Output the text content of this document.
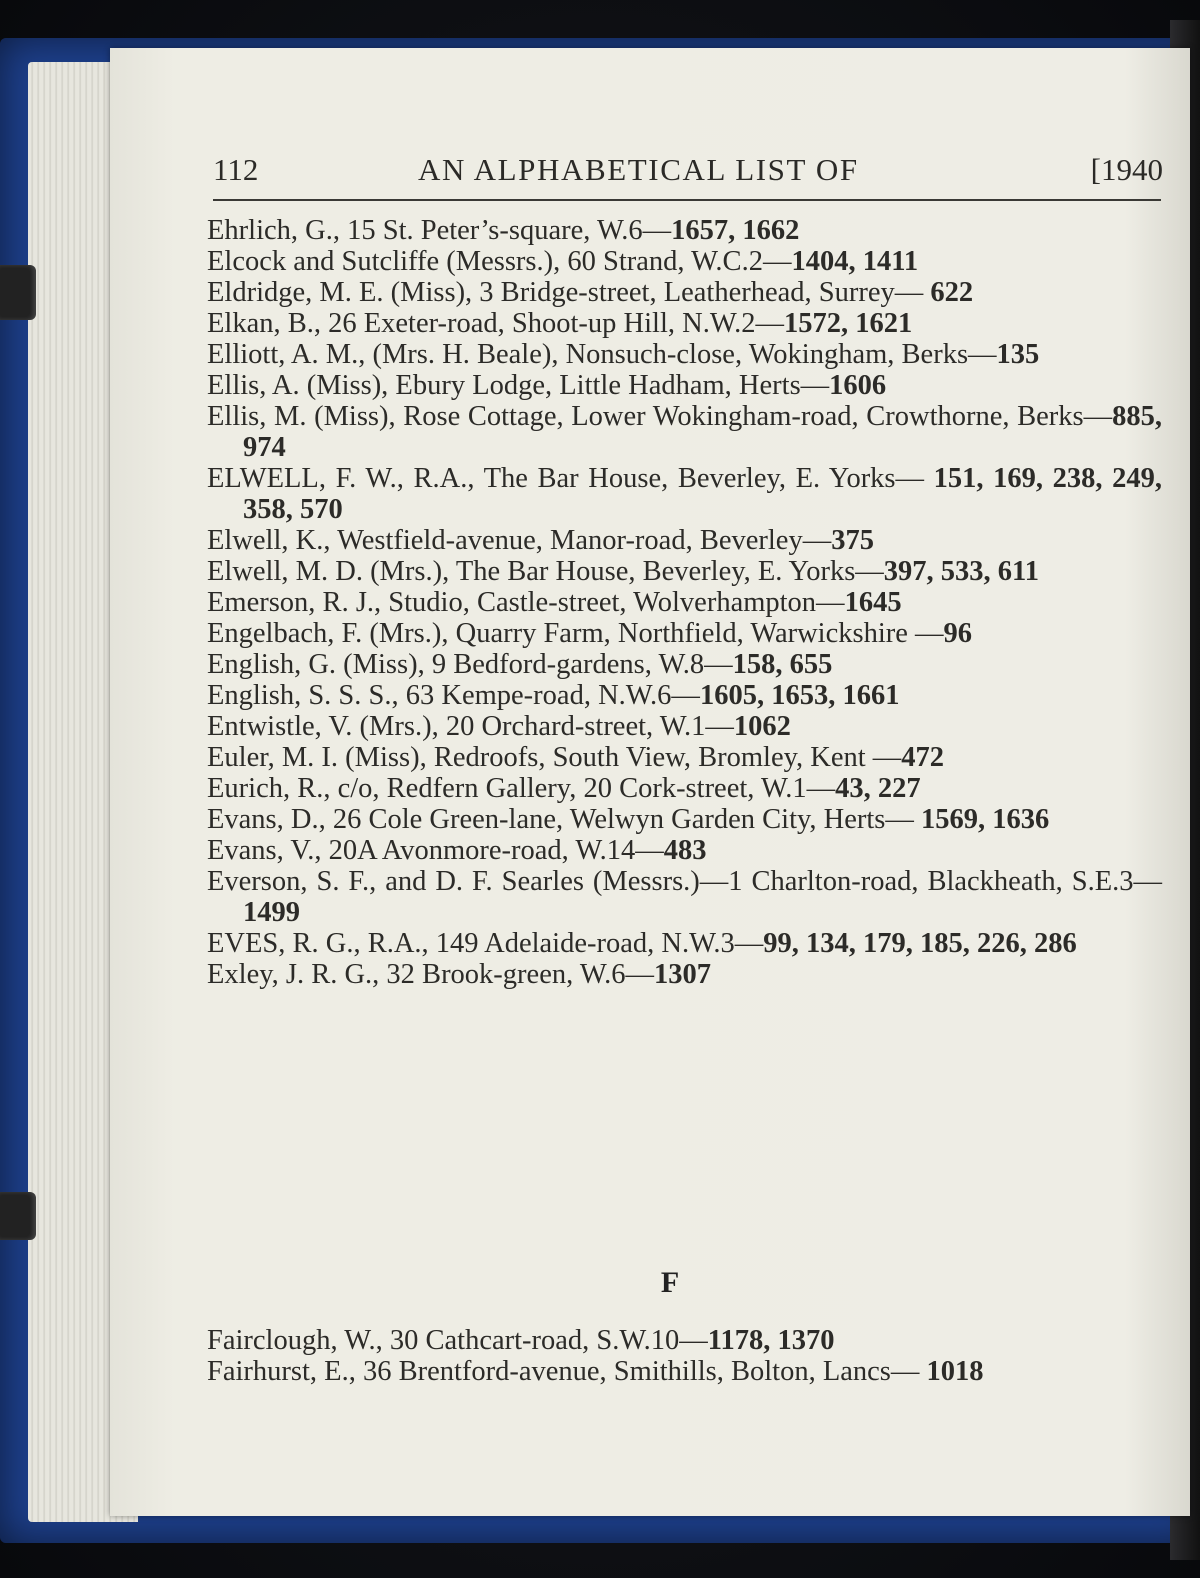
112	AN ALPHABETICAL LIST OF	[1940
Ehrlich, G., 15 St. Peter’s-square, W.6—1657, 1662
Elcock and Sutcliffe (Messrs.), 60 Strand, W.C.2—1404, 1411
Eldridge, M. E. (Miss), 3 Bridge-street, Leatherhead, Surrey— 622
Elkan, B., 26 Exeter-road, Shoot-up Hill, N.W.2—1572, 1621
Elliott, A. M., (Mrs. H. Beale), Nonsuch-close, Wokingham, Berks—135
Ellis, A. (Miss), Ebury Lodge, Little Hadham, Herts—1606
Ellis, M. (Miss), Rose Cottage, Lower Wokingham-road, Crowthorne, Berks—885, 974
ELWELL, F. W., R.A., The Bar House, Beverley, E. Yorks— 151, 169, 238, 249, 358, 570
Elwell, K., Westfield-avenue, Manor-road, Beverley—375
Elwell, M. D. (Mrs.), The Bar House, Beverley, E. Yorks—397, 533, 611
Emerson, R. J., Studio, Castle-street, Wolverhampton—1645
Engelbach, F. (Mrs.), Quarry Farm, Northfield, Warwickshire —96
English, G. (Miss), 9 Bedford-gardens, W.8—158, 655
English, S. S. S., 63 Kempe-road, N.W.6—1605, 1653, 1661
Entwistle, V. (Mrs.), 20 Orchard-street, W.1—1062
Euler, M. I. (Miss), Redroofs, South View, Bromley, Kent —472
Eurich, R., c/o, Redfern Gallery, 20 Cork-street, W.1—43, 227
Evans, D., 26 Cole Green-lane, Welwyn Garden City, Herts— 1569, 1636
Evans, V., 20A Avonmore-road, W.14—483
Everson, S. F., and D. F. Searles (Messrs.)—1 Charlton-road, Blackheath, S.E.3—1499
EVES, R. G., R.A., 149 Adelaide-road, N.W.3—99, 134, 179, 185, 226, 286
Exley, J. R. G., 32 Brook-green, W.6—1307
F
Fairclough, W., 30 Cathcart-road, S.W.10—1178, 1370
Fairhurst, E., 36 Brentford-avenue, Smithills, Bolton, Lancs— 1018
